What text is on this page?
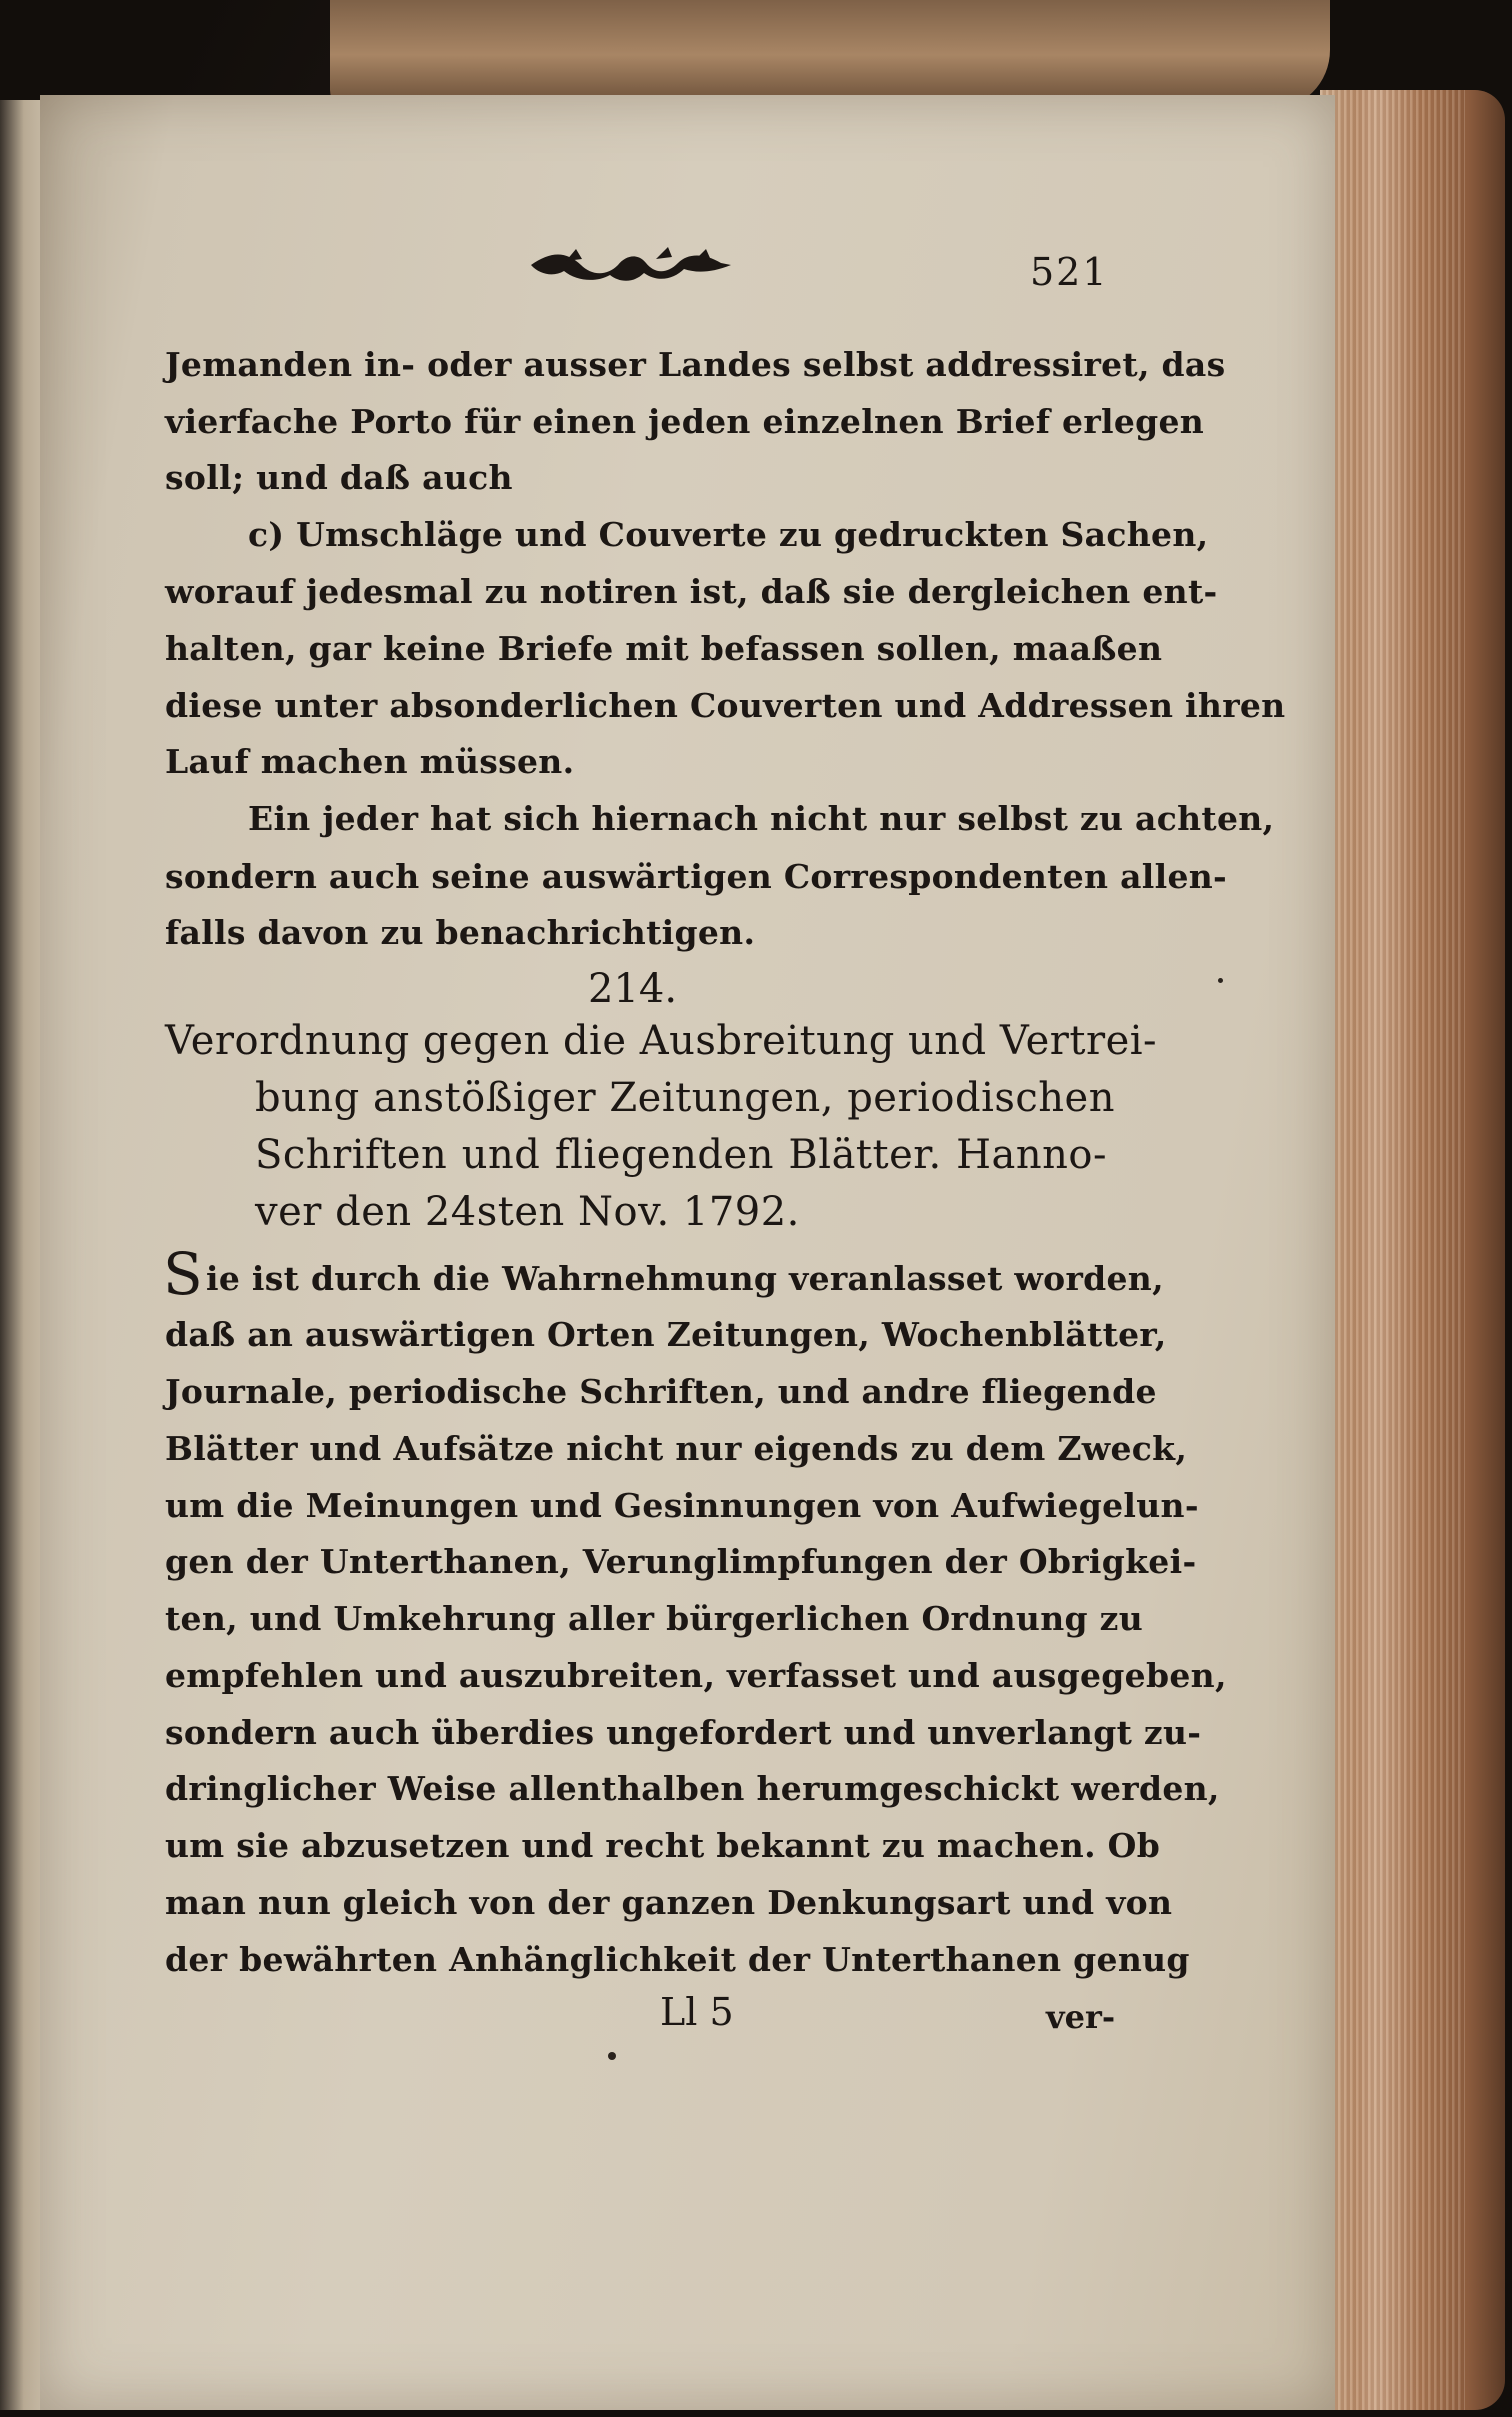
521
Jemanden in- oder ausser Landes selbst addressiret, das
vierfache Porto für einen jeden einzelnen Brief erlegen
soll; und daß auch
c) Umschläge und Couverte zu gedruckten Sachen,
worauf jedesmal zu notiren ist, daß sie dergleichen ent-
halten, gar keine Briefe mit befassen sollen, maaßen
diese unter absonderlichen Couverten und Addressen ihren
Lauf machen müssen.
Ein jeder hat sich hiernach nicht nur selbst zu achten,
sondern auch seine auswärtigen Correspondenten allen-
falls davon zu benachrichtigen.
214.
Verordnung gegen die Ausbreitung und Vertrei-
bung anstößiger Zeitungen, periodischen
Schriften und fliegenden Blätter. Hanno-
ver den 24sten Nov. 1792.
S ie ist durch die Wahrnehmung veranlasset worden,
daß an auswärtigen Orten Zeitungen, Wochenblätter,
Journale, periodische Schriften, und andre fliegende
Blätter und Aufsätze nicht nur eigends zu dem Zweck,
um die Meinungen und Gesinnungen von Aufwiegelun-
gen der Unterthanen, Verunglimpfungen der Obrigkei-
ten, und Umkehrung aller bürgerlichen Ordnung zu
empfehlen und auszubreiten, verfasset und ausgegeben,
sondern auch überdies ungefordert und unverlangt zu-
dringlicher Weise allenthalben herumgeschickt werden,
um sie abzusetzen und recht bekannt zu machen. Ob
man nun gleich von der ganzen Denkungsart und von
der bewährten Anhänglichkeit der Unterthanen genug
Ll 5	ver-
